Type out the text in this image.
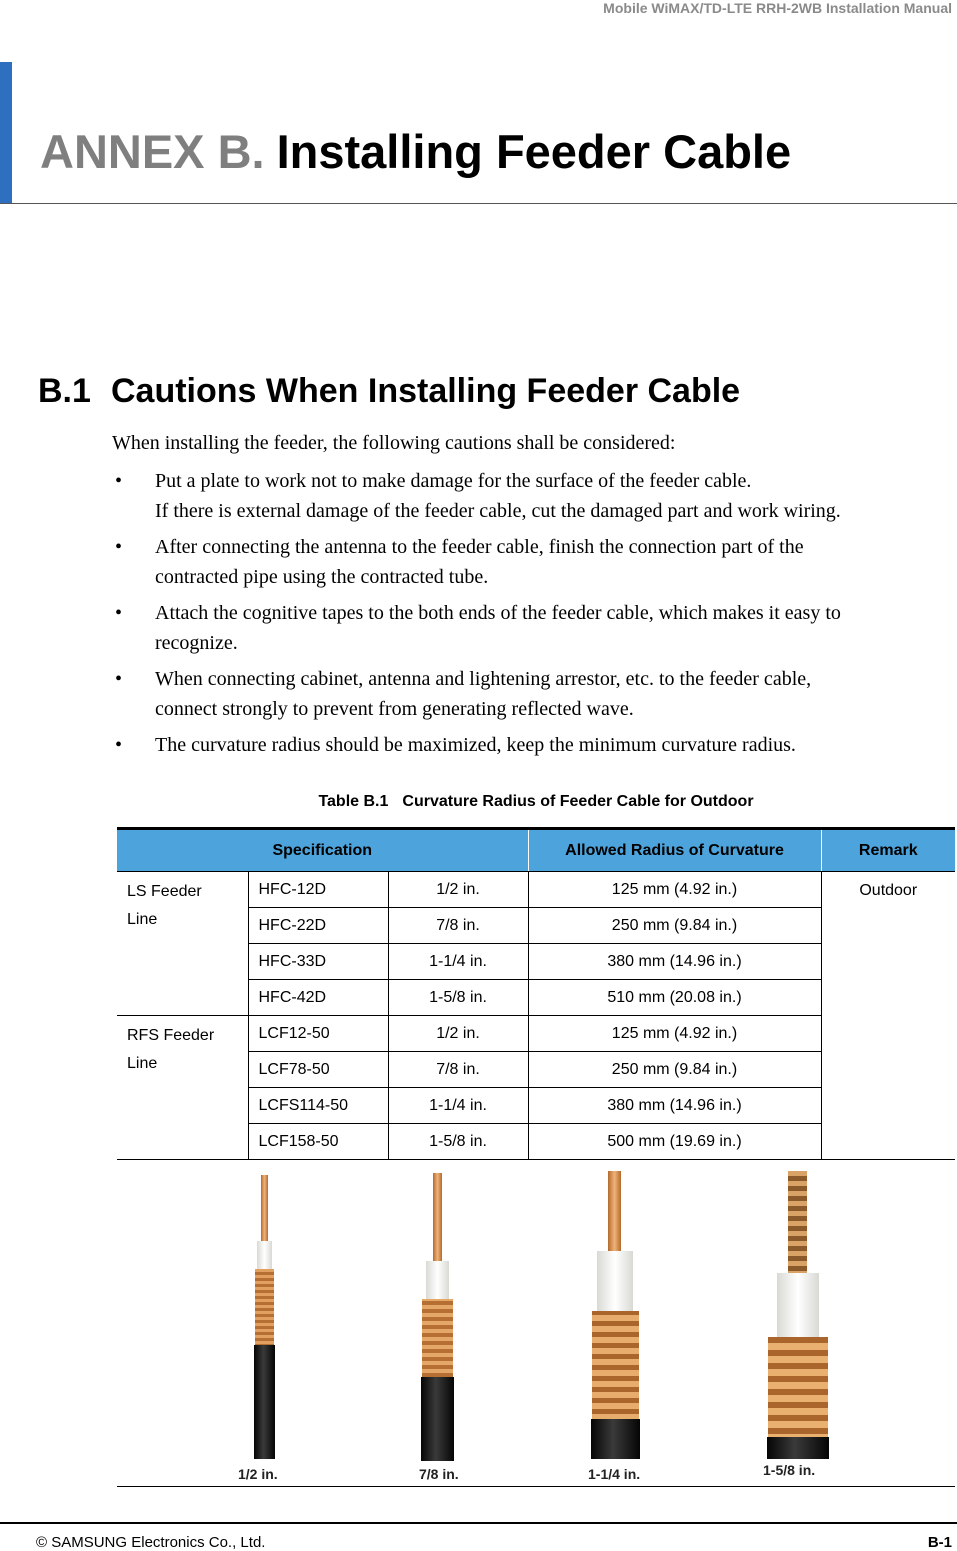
Mobile WiMAX/TD-LTE RRH-2WB Installation Manual
ANNEX B. Installing Feeder Cable
B.1 Cautions When Installing Feeder Cable
When installing the feeder, the following cautions shall be considered:
• Put a plate to work not to make damage for the surface of the feeder cable.
If there is external damage of the feeder cable, cut the damaged part and work wiring.
• After connecting the antenna to the feeder cable, finish the connection part of the
contracted pipe using the contracted tube.
• Attach the cognitive tapes to the both ends of the feeder cable, which makes it easy to
recognize.
• When connecting cabinet, antenna and lightening arrestor, etc. to the feeder cable,
connect strongly to prevent from generating reflected wave.
• The curvature radius should be maximized, keep the minimum curvature radius.
Table B.1 Curvature Radius of Feeder Cable for Outdoor
Specification			Allowed Radius of Curvature	Remark

LS Feeder
Line	HFC-12D	1/2 in.	125 mm (4.92 in.)	Outdoor
	HFC-22D	7/8 in.	250 mm (9.84 in.)	
	HFC-33D	1-1/4 in.	380 mm (14.96 in.)	
	HFC-42D	1-5/8 in.	510 mm (20.08 in.)	

RFS Feeder
Line	LCF12-50	1/2 in.	125 mm (4.92 in.)	
	LCF78-50	7/8 in.	250 mm (9.84 in.)	
	LCFS114-50	1-1/4 in.	380 mm (14.96 in.)	
	LCF158-50	1-5/8 in.	500 mm (19.69 in.)	
1/2 in.	7/8 in.	1-1/4 in.	1-5/8 in.
© SAMSUNG Electronics Co., Ltd.	B-1
